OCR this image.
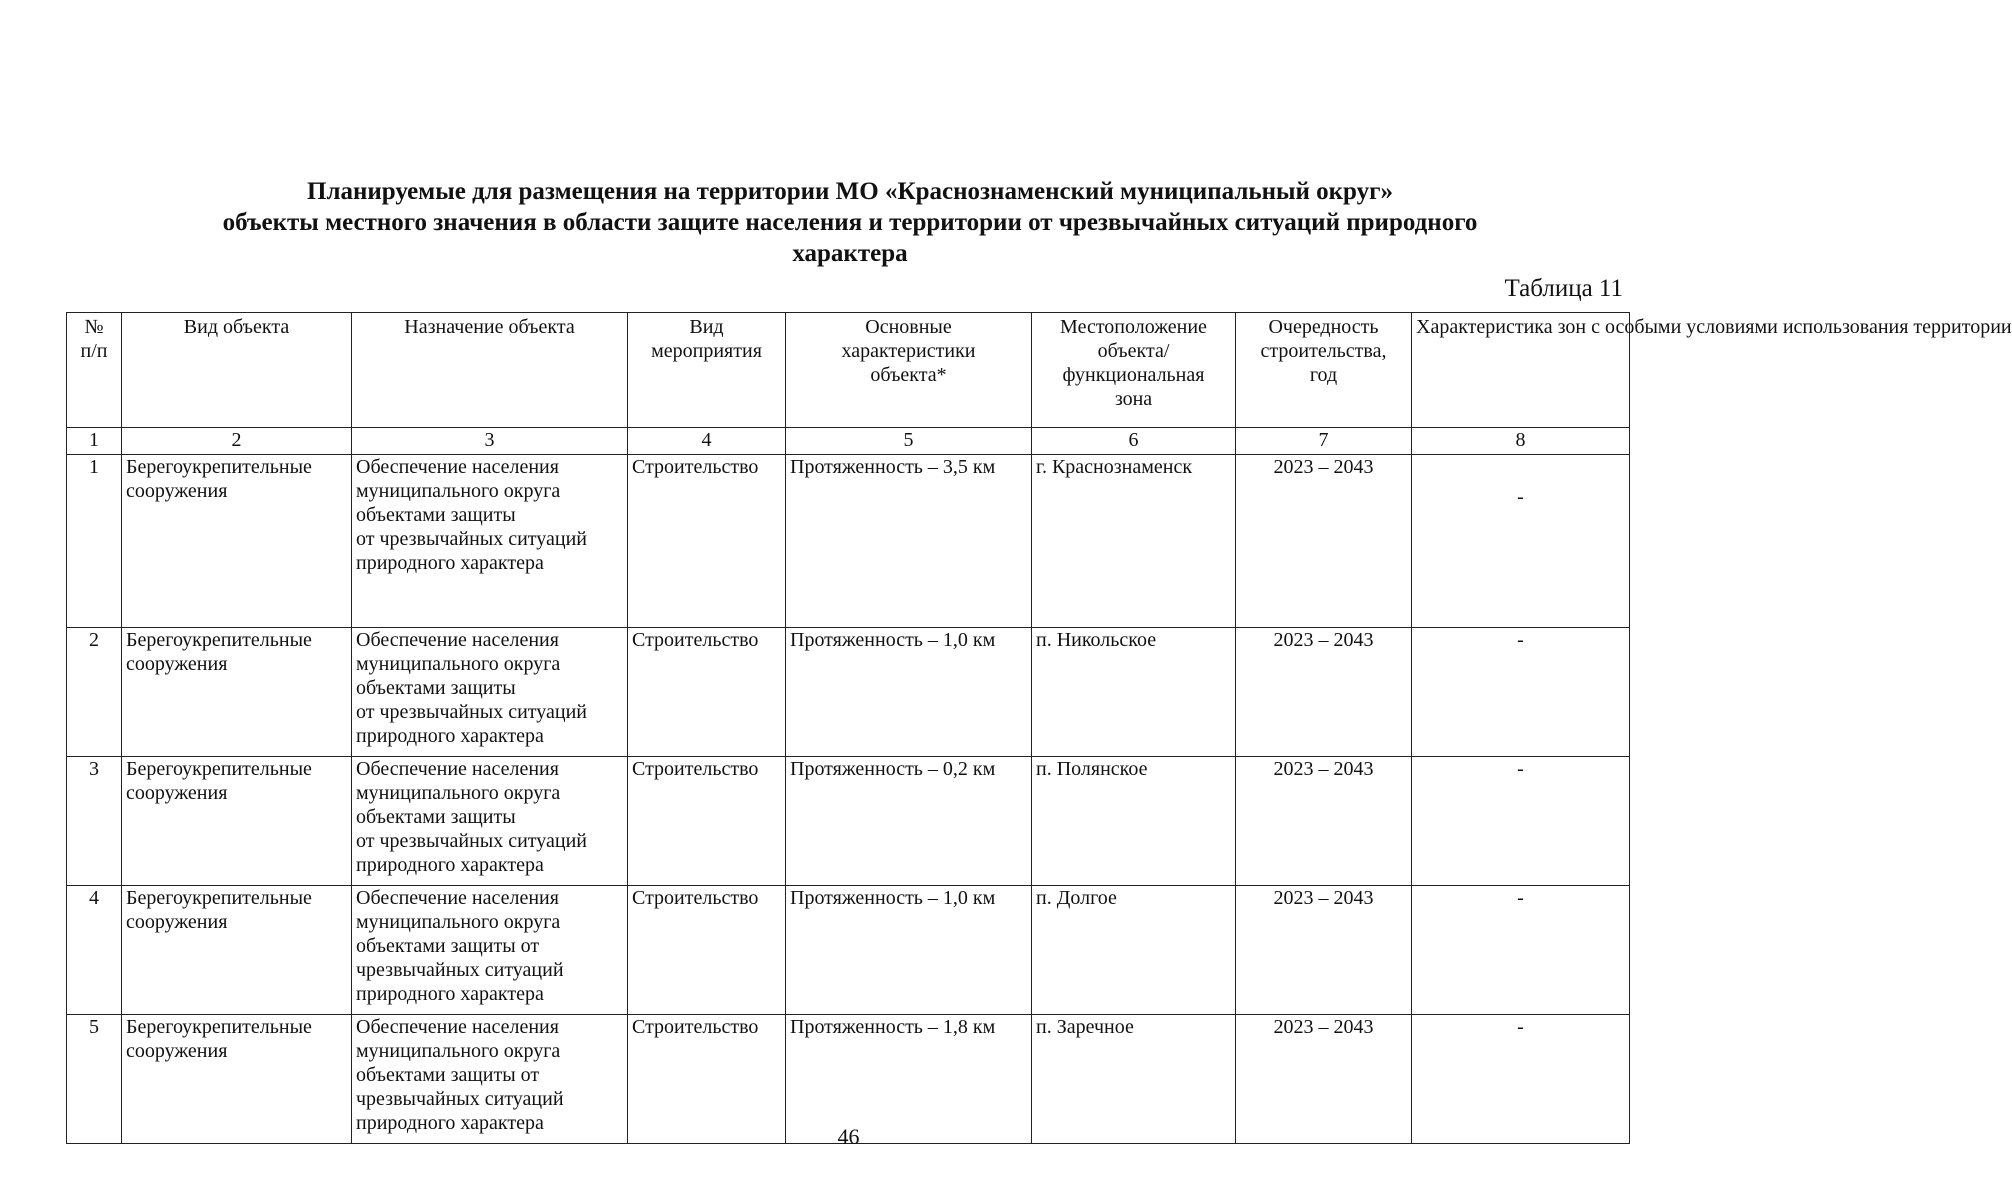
Планируемые для размещения на территории МО «Краснознаменский муниципальный округ»
объекты местного значения в области защите населения и территории от чрезвычайных ситуаций природного
характера
Таблица 11
№
п/п	Вид объекта	Назначение объекта	Вид
мероприятия	Основные
характеристики
объекта*	Местоположение
объекта/
функциональная
зона	Очередность
строительства,
год	Характеристика зон с особыми условиями использования территории
1	2	3	4	5	6	7	8
1	Берегоукрепительные
сооружения	Обеспечение населения
муниципального округа
объектами защиты
от чрезвычайных ситуаций
природного характера	Строительство	Протяженность – 3,5 км	г. Краснознаменск	2023 – 2043	-
2	Берегоукрепительные
сооружения	Обеспечение населения
муниципального округа
объектами защиты
от чрезвычайных ситуаций
природного характера	Строительство	Протяженность – 1,0 км	п. Никольское	2023 – 2043	-
3	Берегоукрепительные
сооружения	Обеспечение населения
муниципального округа
объектами защиты
от чрезвычайных ситуаций
природного характера	Строительство	Протяженность – 0,2 км	п. Полянское	2023 – 2043	-
4	Берегоукрепительные
сооружения	Обеспечение населения
муниципального округа
объектами защиты от
чрезвычайных ситуаций
природного характера	Строительство	Протяженность – 1,0 км	п. Долгое	2023 – 2043	-
5	Берегоукрепительные
сооружения	Обеспечение населения
муниципального округа
объектами защиты от
чрезвычайных ситуаций
природного характера	Строительство	Протяженность – 1,8 км	п. Заречное	2023 – 2043	-
46
